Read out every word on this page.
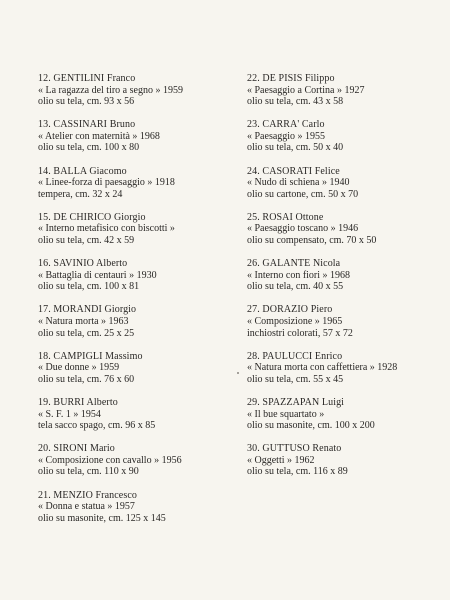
12. GENTILINI Franco
« La ragazza del tiro a segno » 1959
olio su tela, cm. 93 x 56
13. CASSINARI Bruno
« Atelier con maternità » 1968
olio su tela, cm. 100 x 80
14. BALLA Giacomo
« Linee-forza di paesaggio » 1918
tempera, cm. 32 x 24
15. DE CHIRICO Giorgio
« Interno metafisico con biscotti »
olio su tela, cm. 42 x 59
16. SAVINIO Alberto
« Battaglia di centauri » 1930
olio su tela, cm. 100 x 81
17. MORANDI Giorgio
« Natura morta » 1963
olio su tela, cm. 25 x 25
18. CAMPIGLI Massimo
« Due donne » 1959
olio su tela, cm. 76 x 60
19. BURRI Alberto
« S. F. 1 » 1954
tela sacco spago, cm. 96 x 85
20. SIRONI Mario
« Composizione con cavallo » 1956
olio su tela, cm. 110 x 90
21. MENZIO Francesco
« Donna e statua » 1957
olio su masonite, cm. 125 x 145
22. DE PISIS Filippo
« Paesaggio a Cortina » 1927
olio su tela, cm. 43 x 58
23. CARRA' Carlo
« Paesaggio » 1955
olio su tela, cm. 50 x 40
24. CASORATI Felice
« Nudo di schiena » 1940
olio su cartone, cm. 50 x 70
25. ROSAI Ottone
« Paesaggio toscano » 1946
olio su compensato, cm. 70 x 50
26. GALANTE Nicola
« Interno con fiori » 1968
olio su tela, cm. 40 x 55
27. DORAZIO Piero
« Composizione » 1965
inchiostri colorati, 57 x 72
28. PAULUCCI Enrico
« Natura morta con caffettiera » 1928
olio su tela, cm. 55 x 45
29. SPAZZAPAN Luigi
« Il bue squartato »
olio su masonite, cm. 100 x 200
30. GUTTUSO Renato
« Oggetti » 1962
olio su tela, cm. 116 x 89
